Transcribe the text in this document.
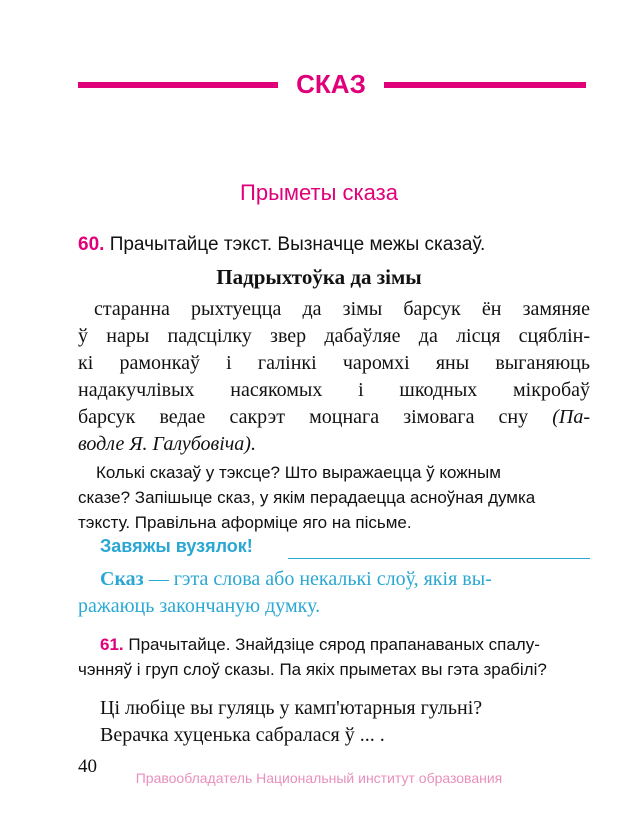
СКАЗ
Прыметы сказа
60. Прачытайце тэкст. Вызначце межы сказаў.
Падрыхтоўка да зімы
старанна рыхтуецца да зімы барсук ён замяняе
ў нары падсцілку звер дабаўляе да лісця сцяблін-
кі рамонкаў і галінкі чаромхі яны выганяюць
надакучлівых насякомых і шкодных мікробаў
барсук ведае сакрэт моцнага зімовага сну (Па-
водле Я. Галубовіча).
Колькі сказаў у тэксце? Што выражаецца ў кожным
сказе? Запішыце сказ, у якім перадаецца асноўная думка
тэксту. Правільна аформіце яго на пісьме.
Завяжы вузялок!
Сказ — гэта слова або некалькі слоў, якія вы-
ражаюць закончаную думку.
61. Прачытайце. Знайдзіце сярод прапанаваных спалу-
чэнняў і груп слоў сказы. Па якіх прыметах вы гэта зрабілі?
Ці любіце вы гуляць у камп'ютарныя гульні?
Верачка хуценька сабралася ў ... .
40
Правообладатель Национальный институт образования
